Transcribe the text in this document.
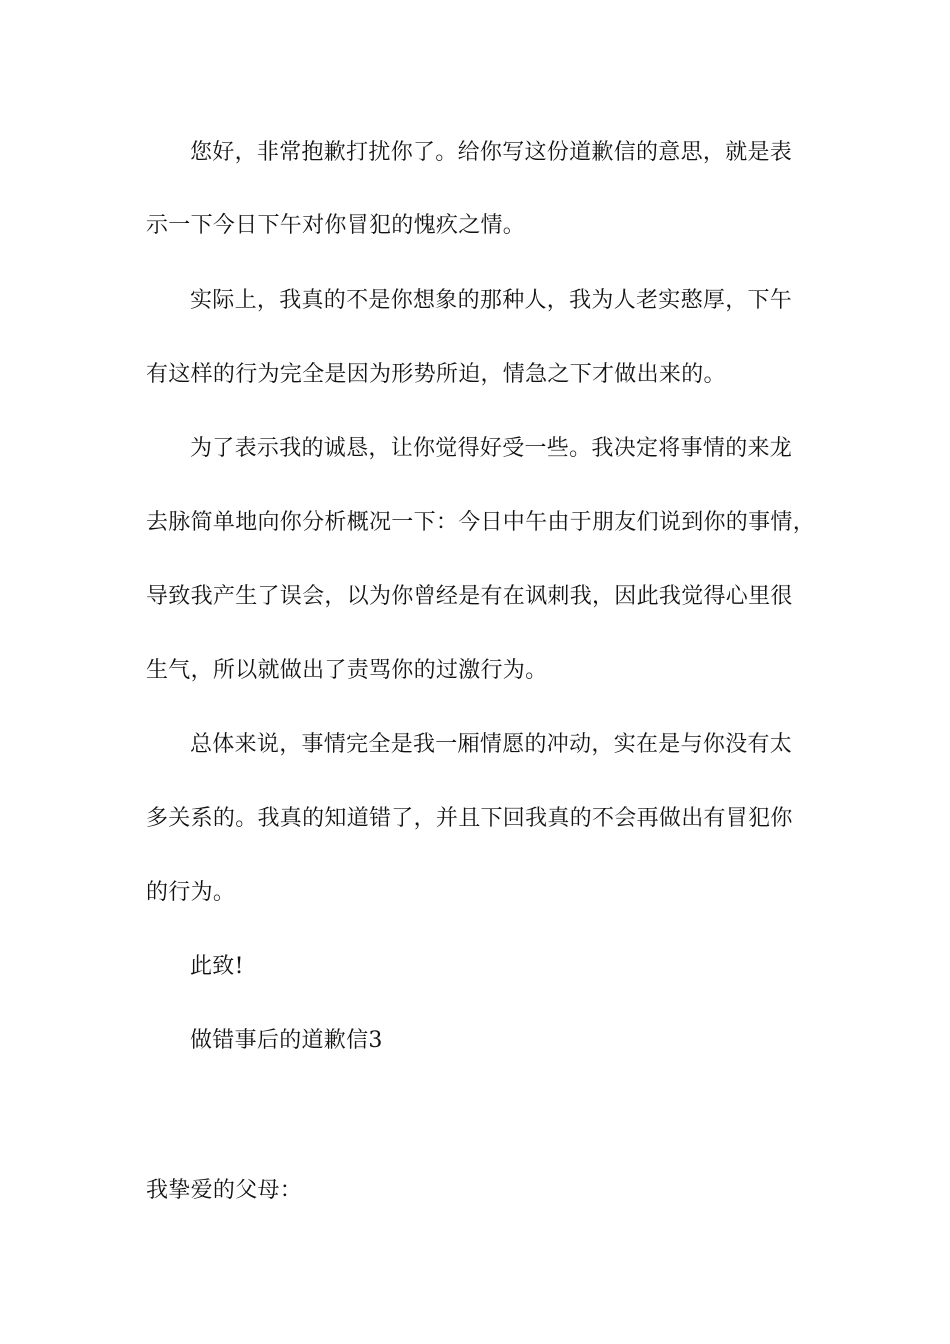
您好，非常抱歉打扰你了。给你写这份道歉信的意思，就是表
示一下今日下午对你冒犯的愧疚之情。
实际上，我真的不是你想象的那种人，我为人老实憨厚，下午
有这样的行为完全是因为形势所迫，情急之下才做出来的。
为了表示我的诚恳，让你觉得好受一些。我决定将事情的来龙
去脉简单地向你分析概况一下：今日中午由于朋友们说到你的事情，
导致我产生了误会，以为你曾经是有在讽刺我，因此我觉得心里很
生气，所以就做出了责骂你的过激行为。
总体来说，事情完全是我一厢情愿的冲动，实在是与你没有太
多关系的。我真的知道错了，并且下回我真的不会再做出有冒犯你
的行为。
此致!
做错事后的道歉信3
我挚爱的父母：
